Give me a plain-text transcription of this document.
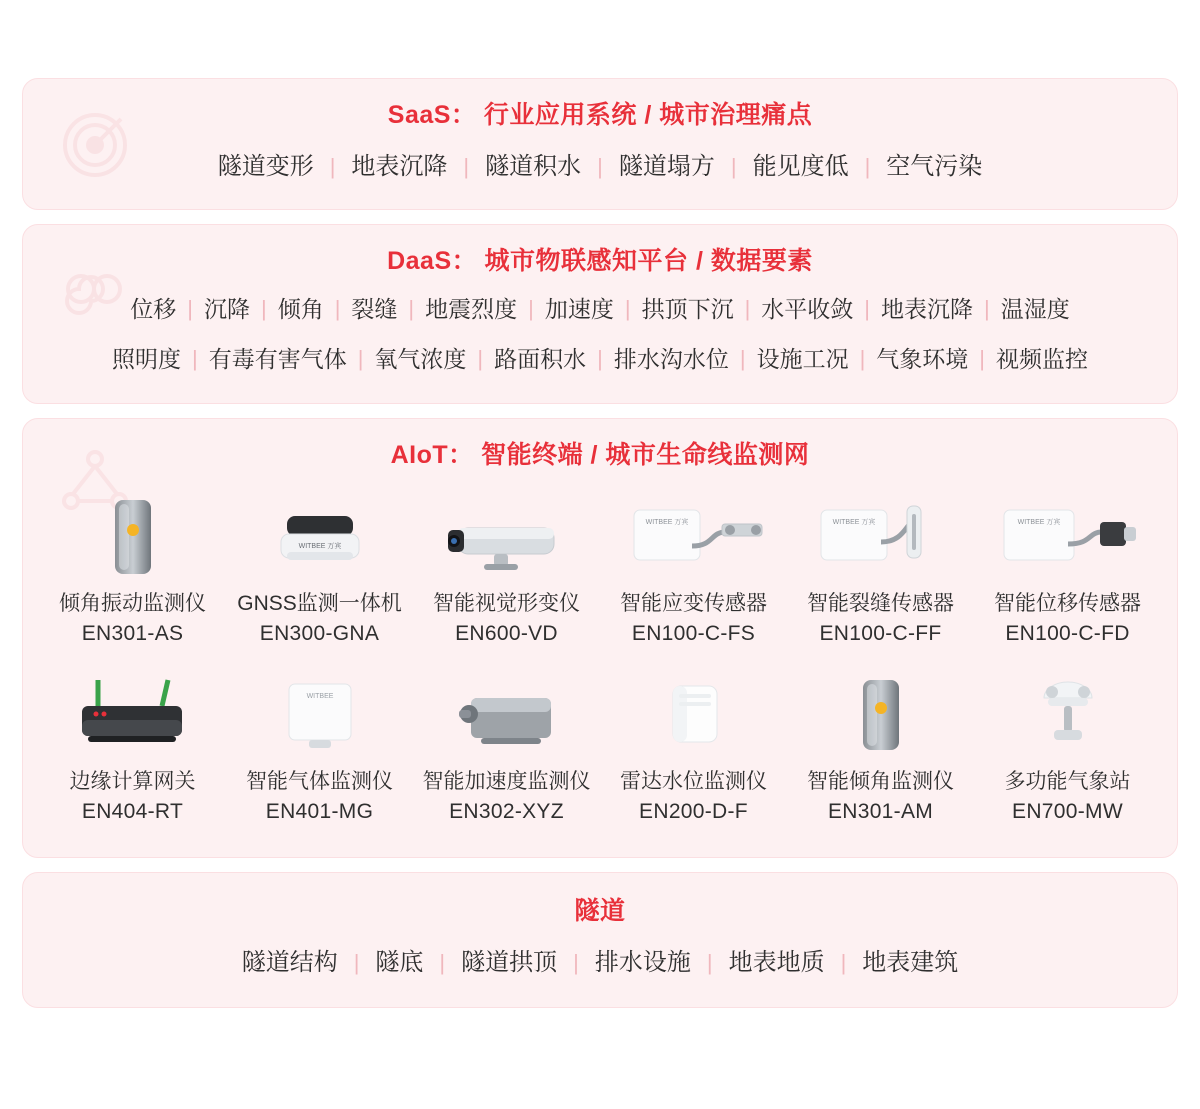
SaaS： 行业应用系统 / 城市治理痛点
隧道变形 | 地表沉降 | 隧道积水 | 隧道塌方 | 能见度低 | 空气污染
DaaS： 城市物联感知平台 / 数据要素
位移 | 沉降 | 倾角 | 裂缝 | 地震烈度 | 加速度 | 拱顶下沉 | 水平收敛 | 地表沉降 | 温湿度
照明度 | 有毒有害气体 | 氧气浓度 | 路面积水 | 排水沟水位 | 设施工况 | 气象环境 | 视频监控
AIoT： 智能终端 / 城市生命线监测网
倾角振动监测仪
EN301-AS
WITBEE 万宾
GNSS监测一体机
EN300-GNA
智能视觉形变仪
EN600-VD
WITBEE 万宾
智能应变传感器
EN100-C-FS
WITBEE 万宾
智能裂缝传感器
EN100-C-FF
WITBEE 万宾
智能位移传感器
EN100-C-FD
边缘计算网关
EN404-RT
WITBEE
智能气体监测仪
EN401-MG
智能加速度监测仪
EN302-XYZ
雷达水位监测仪
EN200-D-F
智能倾角监测仪
EN301-AM
多功能气象站
EN700-MW
隧道
隧道结构 | 隧底 | 隧道拱顶 | 排水设施 | 地表地质 | 地表建筑
